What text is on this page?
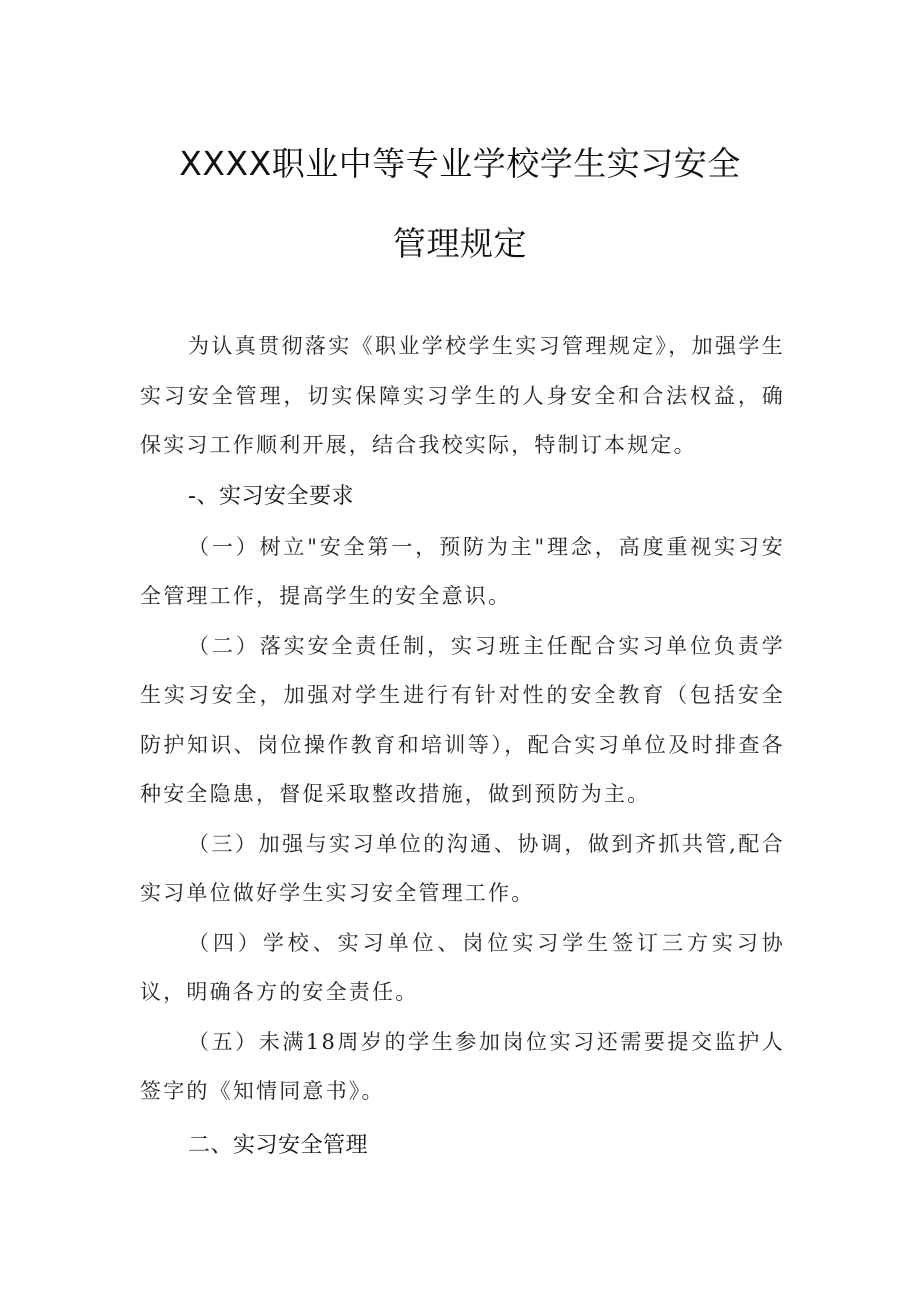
XXXX职业中等专业学校学生实习安全
管理规定

为认真贯彻落实《职业学校学生实习管理规定》，加强学生实习安全管理，切实保障实习学生的人身安全和合法权益，确保实习工作顺利开展，结合我校实际，特制订本规定。

-、实习安全要求

（一）树立"安全第一，预防为主"理念，高度重视实习安全管理工作，提高学生的安全意识。

（二）落实安全责任制，实习班主任配合实习单位负责学生实习安全，加强对学生进行有针对性的安全教育（包括安全防护知识、岗位操作教育和培训等），配合实习单位及时排查各种安全隐患，督促采取整改措施，做到预防为主。

（三）加强与实习单位的沟通、协调，做到齐抓共管,配合实习单位做好学生实习安全管理工作。

（四）学校、实习单位、岗位实习学生签订三方实习协议，明确各方的安全责任。

（五）未满18周岁的学生参加岗位实习还需要提交监护人签字的《知情同意书》。

二、实习安全管理
